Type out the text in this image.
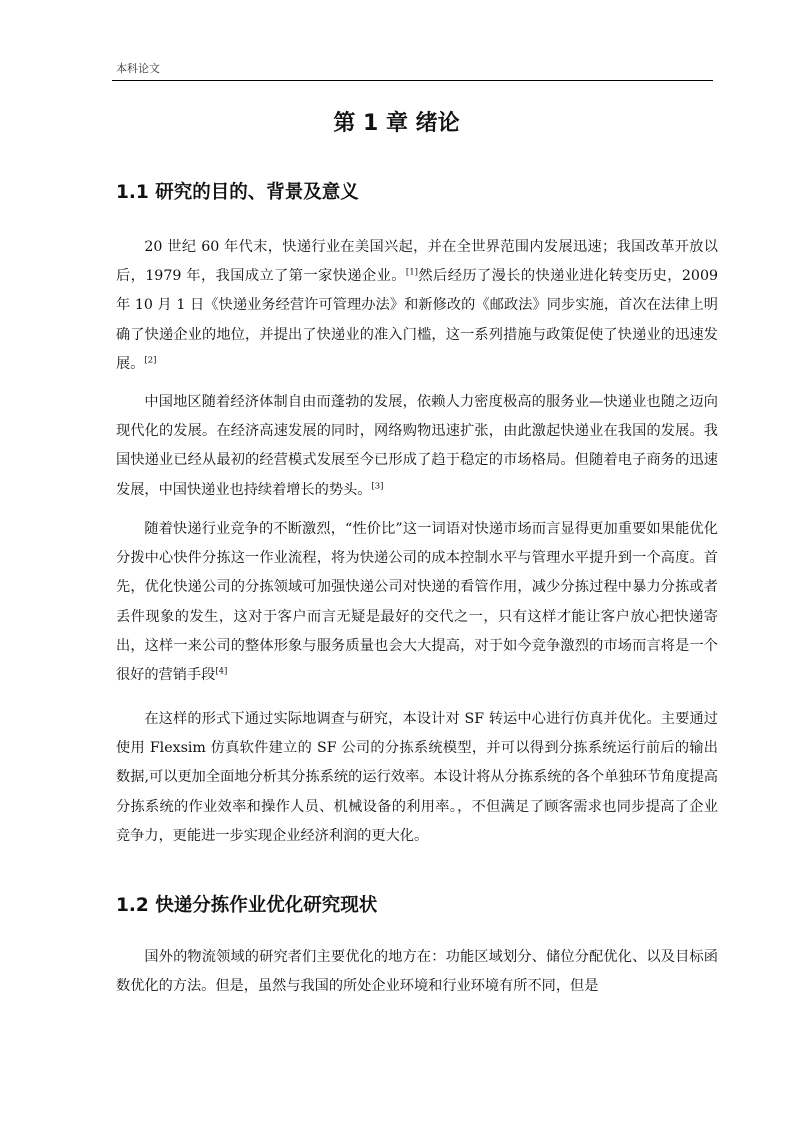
本科论文
第 1 章 绪论
1.1 研究的目的、背景及意义

20 世纪 60 年代末，快递行业在美国兴起，并在全世界范围内发展迅速；我国改革开放以后，1979 年，我国成立了第一家快递企业。[1]然后经历了漫长的快递业进化转变历史，2009 年 10 月 1 日《快递业务经营许可管理办法》和新修改的《邮政法》同步实施，首次在法律上明确了快递企业的地位，并提出了快递业的准入门槛，这一系列措施与政策促使了快递业的迅速发展。[2]

中国地区随着经济体制自由而蓬勃的发展，依赖人力密度极高的服务业—快递业也随之迈向现代化的发展。在经济高速发展的同时，网络购物迅速扩张，由此激起快递业在我国的发展。我国快递业已经从最初的经营模式发展至今已形成了趋于稳定的市场格局。但随着电子商务的迅速发展，中国快递业也持续着增长的势头。[3]

随着快递行业竞争的不断激烈，“性价比”这一词语对快递市场而言显得更加重要如果能优化分拨中心快件分拣这一作业流程，将为快递公司的成本控制水平与管理水平提升到一个高度。首先，优化快递公司的分拣领域可加强快递公司对快递的看管作用，减少分拣过程中暴力分拣或者丢件现象的发生，这对于客户而言无疑是最好的交代之一，只有这样才能让客户放心把快递寄出，这样一来公司的整体形象与服务质量也会大大提高，对于如今竞争激烈的市场而言将是一个很好的营销手段[4]

在这样的形式下通过实际地调查与研究，本设计对 SF 转运中心进行仿真并优化。主要通过使用 Flexsim 仿真软件建立的 SF 公司的分拣系统模型，并可以得到分拣系统运行前后的输出数据,可以更加全面地分析其分拣系统的运行效率。本设计将从分拣系统的各个单独环节角度提高分拣系统的作业效率和操作人员、机械设备的利用率。，不但满足了顾客需求也同步提高了企业竞争力，更能进一步实现企业经济利润的更大化。

1.2 快递分拣作业优化研究现状

国外的物流领域的研究者们主要优化的地方在：功能区域划分、储位分配优化、以及目标函数优化的方法。但是，虽然与我国的所处企业环境和行业环境有所不同，但是
